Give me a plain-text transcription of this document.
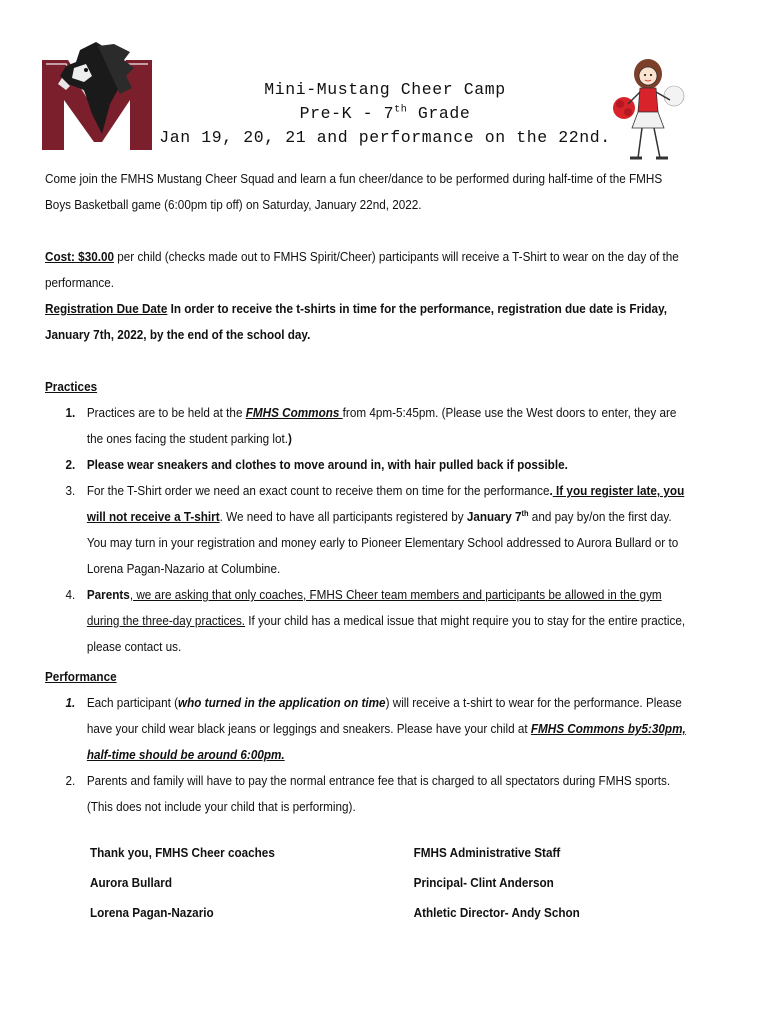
Mini-Mustang Cheer Camp
Pre-K - 7th Grade
Jan 19, 20, 21 and performance on the 22nd.

Come join the FMHS Mustang Cheer Squad and learn a fun cheer/dance to be performed during half-time of the FMHS Boys Basketball game (6:00pm tip off) on Saturday, January 22nd, 2022.

Cost: $30.00 per child (checks made out to FMHS Spirit/Cheer) participants will receive a T-Shirt to wear on the day of the performance.

Registration Due Date In order to receive the t-shirts in time for the performance, registration due date is Friday, January 7th, 2022, by the end of the school day.

Practices

1. Practices are to be held at the FMHS Commons from 4pm-5:45pm. (Please use the West doors to enter, they are the ones facing the student parking lot.)
2. Please wear sneakers and clothes to move around in, with hair pulled back if possible.
3. For the T-Shirt order we need an exact count to receive them on time for the performance. If you register late, you will not receive a T-shirt. We need to have all participants registered by January 7th and pay by/on the first day. You may turn in your registration and money early to Pioneer Elementary School addressed to Aurora Bullard or to Lorena Pagan-Nazario at Columbine.
4. Parents, we are asking that only coaches, FMHS Cheer team members and participants be allowed in the gym during the three-day practices. If your child has a medical issue that might require you to stay for the entire practice, please contact us.

Performance

1. Each participant (who turned in the application on time) will receive a t-shirt to wear for the performance. Please have your child wear black jeans or leggings and sneakers. Please have your child at FMHS Commons by5:30pm, half-time should be around 6:00pm.
2. Parents and family will have to pay the normal entrance fee that is charged to all spectators during FMHS sports. (This does not include your child that is performing).
Thank you, FMHS Cheer coaches	FMHS Administrative Staff
Aurora Bullard	Principal- Clint Anderson
Lorena Pagan-Nazario	Athletic Director- Andy Schon
